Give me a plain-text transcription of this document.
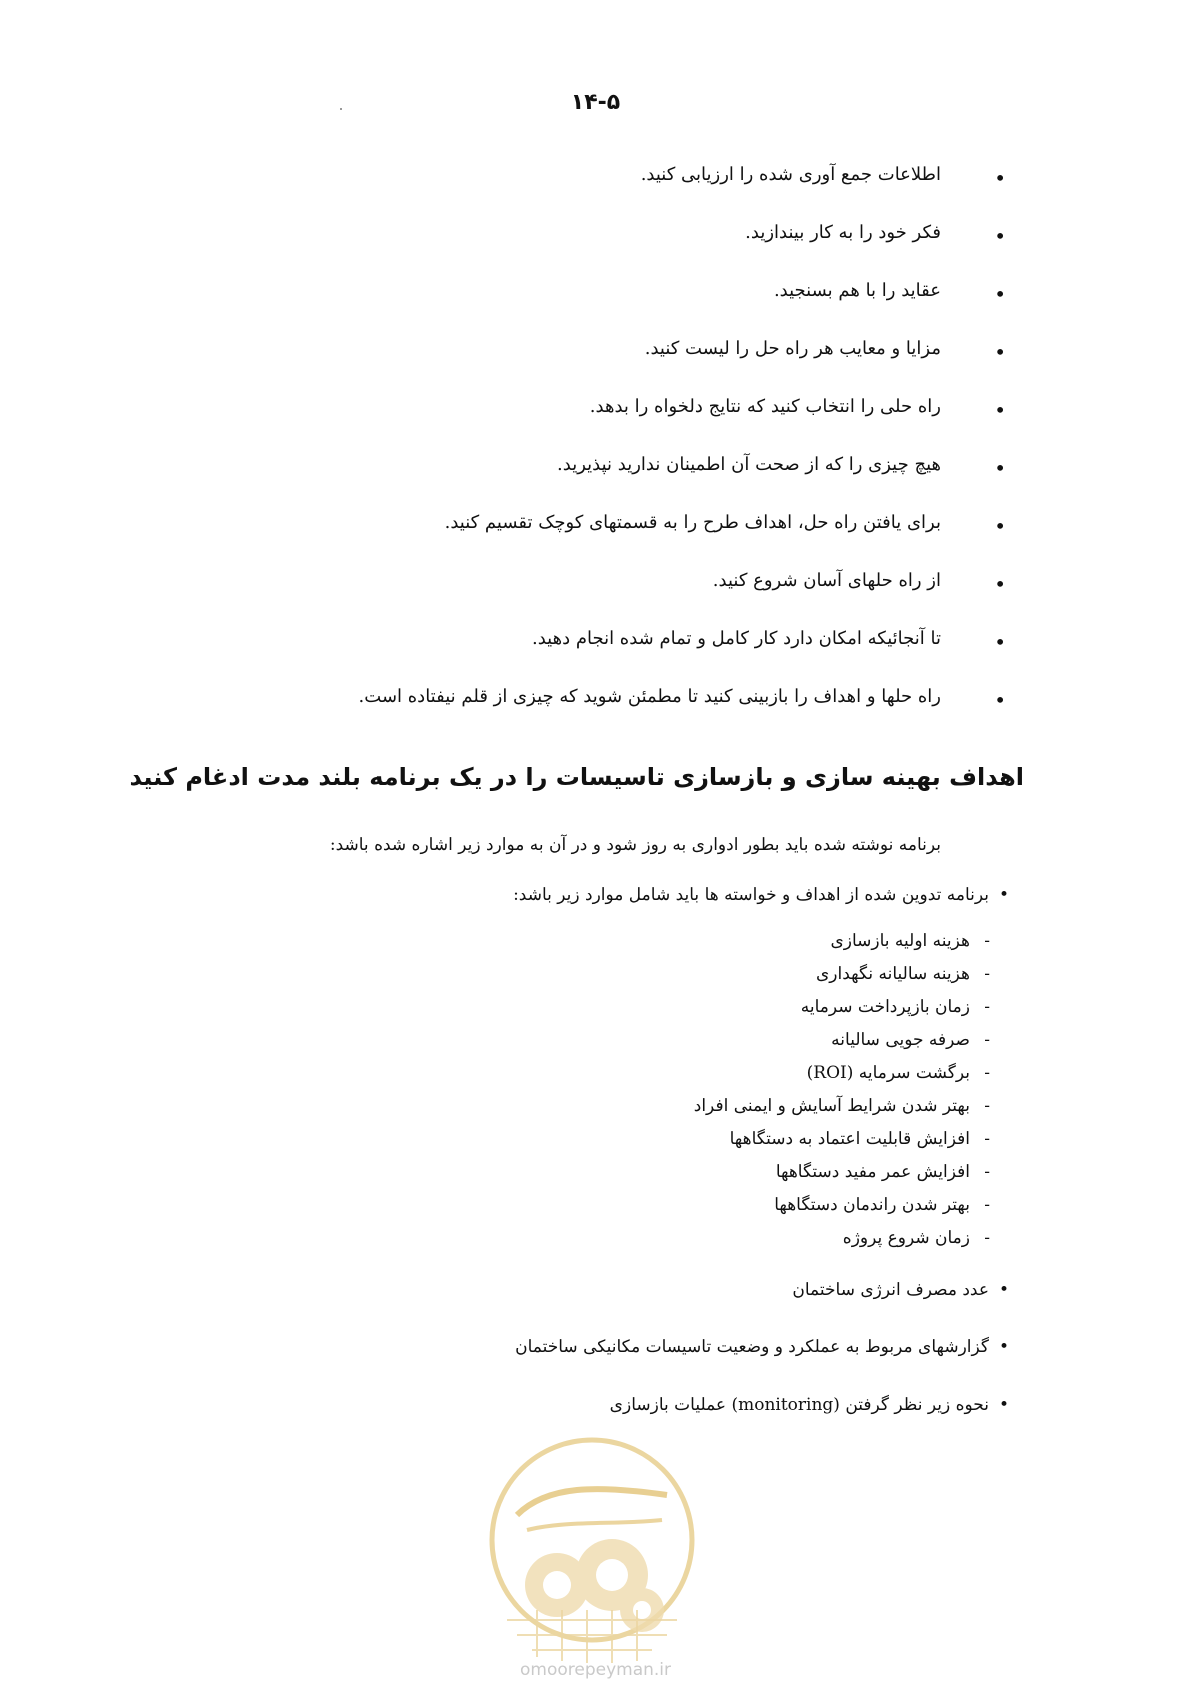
۱۴-۵
•
اطلاعات جمع آوری شده را ارزیابی کنید.
•
فکر خود را به کار بیندازید.
•
عقاید را با هم بسنجید.
•
مزایا و معایب هر راه حل را لیست کنید.
•
راه حلی را انتخاب کنید که نتایج دلخواه را بدهد.
•
هیچ چیزی را که از صحت آن اطمینان ندارید نپذیرید.
•
برای یافتن راه حل، اهداف طرح را به قسمتهای کوچک تقسیم کنید.
•
از راه حلهای آسان شروع کنید.
•
تا آنجائیکه امکان دارد کار کامل و تمام شده انجام دهید.
•
راه حلها و اهداف را بازبینی کنید تا مطمئن شوید که چیزی از قلم نیفتاده است.
اهداف بهینه سازی و بازسازی تاسیسات را در یک برنامه بلند مدت ادغام کنید
برنامه نوشته شده باید بطور ادواری به روز شود و در آن به موارد زیر اشاره شده باشد:
•برنامه تدوین شده از اهداف و خواسته ها باید شامل موارد زیر باشد:
-هزینه اولیه بازسازی
-هزینه سالیانه نگهداری
-زمان بازپرداخت سرمایه
-صرفه جویی سالیانه
-برگشت سرمایه (ROI)
-بهتر شدن شرایط آسایش و ایمنی افراد
-افزایش قابلیت اعتماد به دستگاهها
-افزایش عمر مفید دستگاهها
-بهتر شدن راندمان دستگاهها
-زمان شروع پروژه
•عدد مصرف انرژی ساختمان
•گزارشهای مربوط به عملکرد و وضعیت تاسیسات مکانیکی ساختمان
•نحوه زیر نظر گرفتن (monitoring) عملیات بازسازی
omoorepeyman.ir
